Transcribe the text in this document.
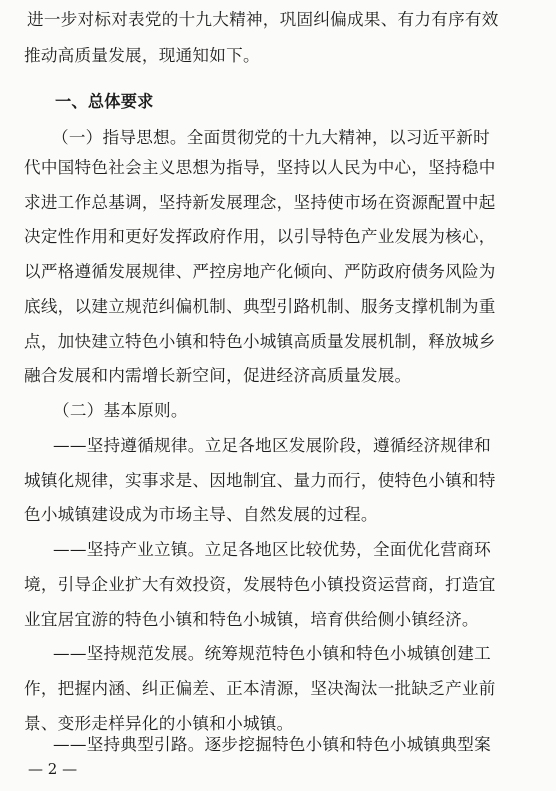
进一步对标对表党的十九大精神，巩固纠偏成果、有力有序有效
推动高质量发展，现通知如下。
一、总体要求
（一）指导思想。全面贯彻党的十九大精神，以习近平新时
代中国特色社会主义思想为指导，坚持以人民为中心，坚持稳中
求进工作总基调，坚持新发展理念，坚持使市场在资源配置中起
决定性作用和更好发挥政府作用，以引导特色产业发展为核心，
以严格遵循发展规律、严控房地产化倾向、严防政府债务风险为
底线，以建立规范纠偏机制、典型引路机制、服务支撑机制为重
点，加快建立特色小镇和特色小城镇高质量发展机制，释放城乡
融合发展和内需增长新空间，促进经济高质量发展。
（二）基本原则。
——坚持遵循规律。立足各地区发展阶段，遵循经济规律和
城镇化规律，实事求是、因地制宜、量力而行，使特色小镇和特
色小城镇建设成为市场主导、自然发展的过程。
——坚持产业立镇。立足各地区比较优势，全面优化营商环
境，引导企业扩大有效投资，发展特色小镇投资运营商，打造宜
业宜居宜游的特色小镇和特色小城镇，培育供给侧小镇经济。
——坚持规范发展。统筹规范特色小镇和特色小城镇创建工
作，把握内涵、纠正偏差、正本清源，坚决淘汰一批缺乏产业前
景、变形走样异化的小镇和小城镇。
——坚持典型引路。逐步挖掘特色小镇和特色小城镇典型案
— 2 —
